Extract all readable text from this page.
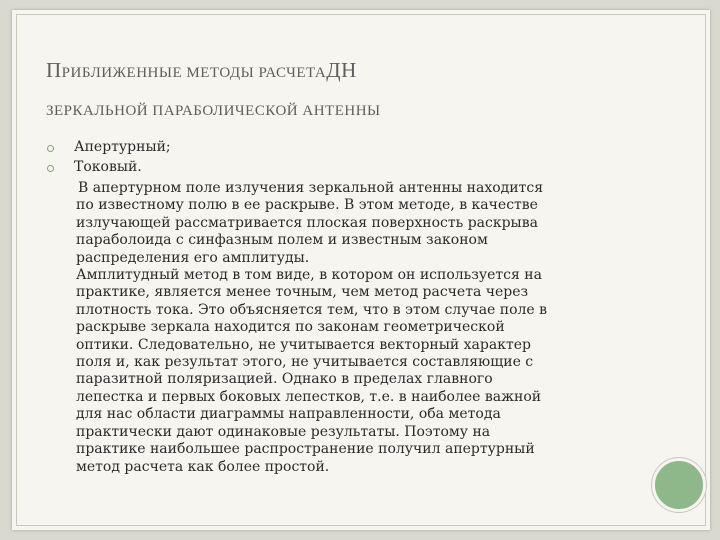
ПРИБЛИЖЕННЫЕ МЕТОДЫ РАСЧЕТАДН
ЗЕРКАЛЬНОЙ ПАРАБОЛИЧЕСКОЙ АНТЕННЫ
Апертурный;
Токовый.
В апертурном поле излучения зеркальной антенны находится
по известному полю в ее раскрыве. В этом методе, в качестве
излучающей рассматривается плоская поверхность раскрыва
параболоида с синфазным полем и известным законом
распределения его амплитуды.
Амплитудный метод в том виде, в котором он используется на
практике, является менее точным, чем метод расчета через
плотность тока. Это объясняется тем, что в этом случае поле в
раскрыве зеркала находится по законам геометрической
оптики. Следовательно, не учитывается векторный характер
поля и, как результат этого, не учитывается составляющие с
паразитной поляризацией. Однако в пределах главного
лепестка и первых боковых лепестков, т.е. в наиболее важной
для нас области диаграммы направленности, оба метода
практически дают одинаковые результаты. Поэтому на
практике наибольшее распространение получил апертурный
метод расчета как более простой.
